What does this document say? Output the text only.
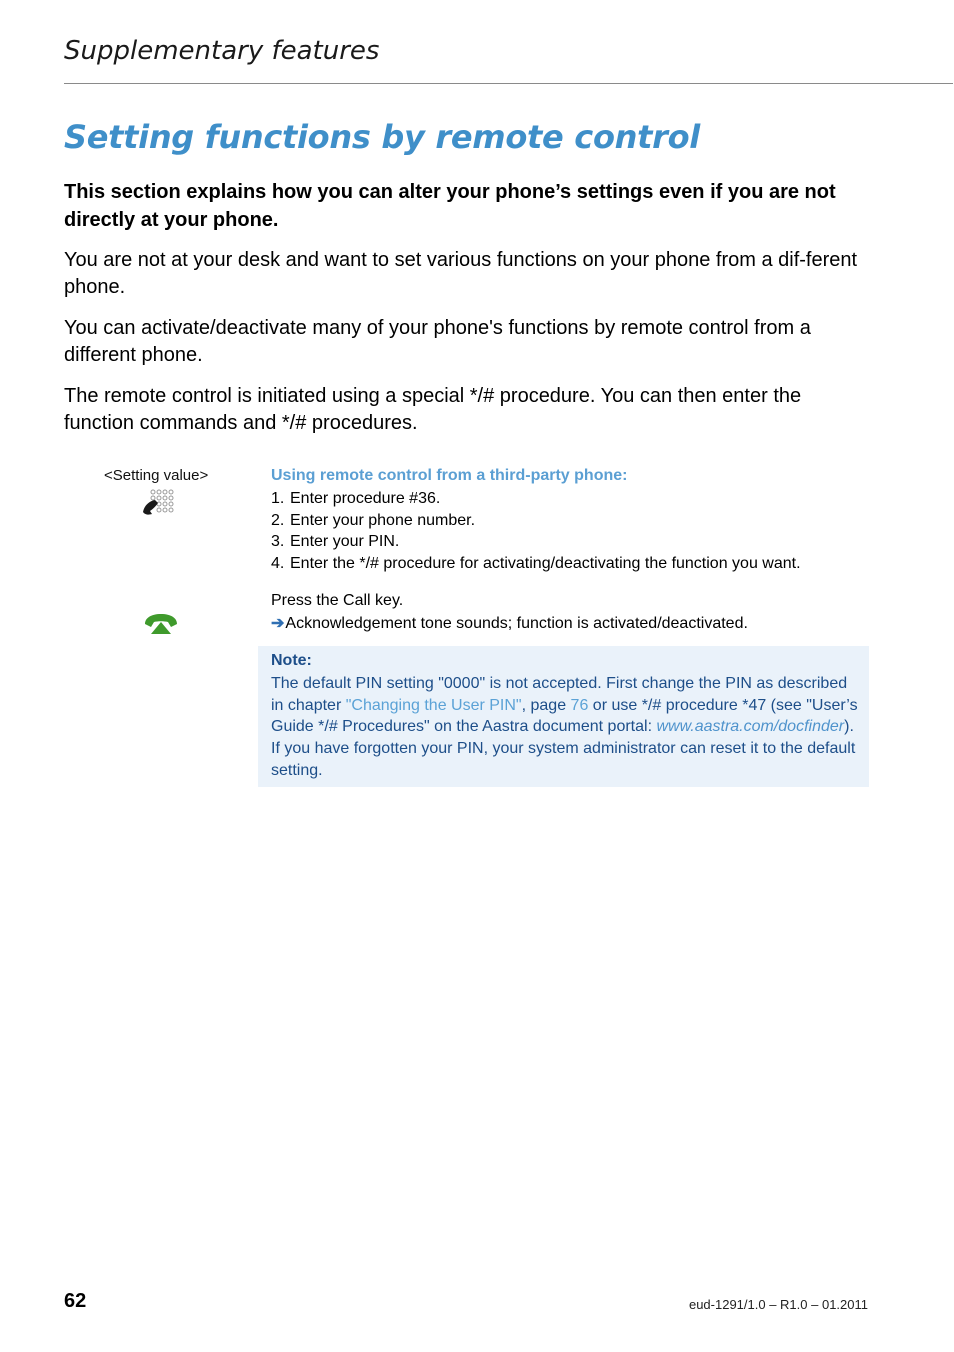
Supplementary features
Setting functions by remote control

This section explains how you can alter your phone’s settings even if you are not directly at your phone.

You are not at your desk and want to set various functions on your phone from a dif-ferent phone.

You can activate/deactivate many of your phone's functions by remote control from a different phone.

The remote control is initiated using a special */# procedure. You can then enter the function commands and */# procedures.

<Setting value>	Using remote control from a third-party phone:
1. Enter procedure #36.
2. Enter your phone number.
3. Enter your PIN.
4. Enter the */# procedure for activating/deactivating the function you want.
Press the Call key.
➔Acknowledgement tone sounds; function is activated/deactivated.

Note:

The default PIN setting "0000" is not accepted. First change the PIN as described in chapter "Changing the User PIN", page 76 or use */# procedure *47 (see "User’s Guide */# Procedures" on the Aastra document portal: www.aastra.com/docfinder). If you have forgotten your PIN, your system administrator can reset it to the default setting.

62	eud-1291/1.0 – R1.0 – 01.2011
